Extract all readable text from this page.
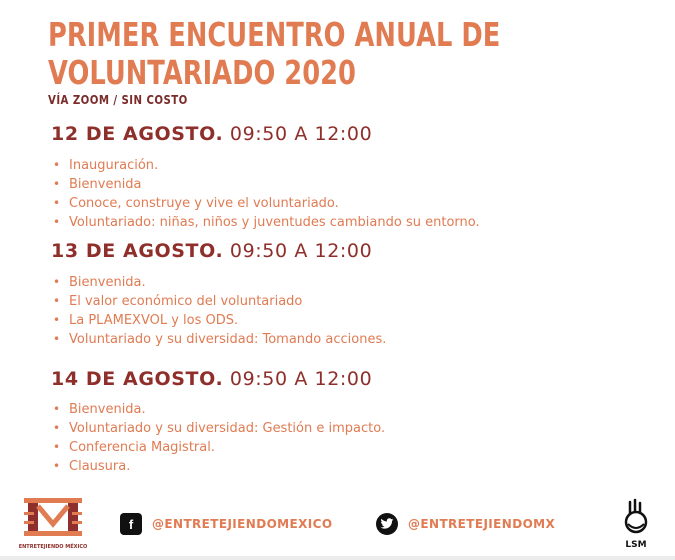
PRIMER ENCUENTRO ANUAL DE
VOLUNTARIADO 2020
VÍA ZOOM / SIN COSTO
12 DE AGOSTO. 09:50 A 12:00
• Inauguración.
• Bienvenida
• Conoce, construye y vive el voluntariado.
• Voluntariado: niñas, niños y juventudes cambiando su entorno.
13 DE AGOSTO. 09:50 A 12:00
• Bienvenida.
• El valor económico del voluntariado
• La PLAMEXVOL y los ODS.
• Voluntariado y su diversidad: Tomando acciones.
14 DE AGOSTO. 09:50 A 12:00
• Bienvenida.
• Voluntariado y su diversidad: Gestión e impacto.
• Conferencia Magistral.
• Clausura.
ENTRETEJIENDO MÉXICO
f	@ENTRETEJIENDOMEXICO	@ENTRETEJIENDOMX
LSM
